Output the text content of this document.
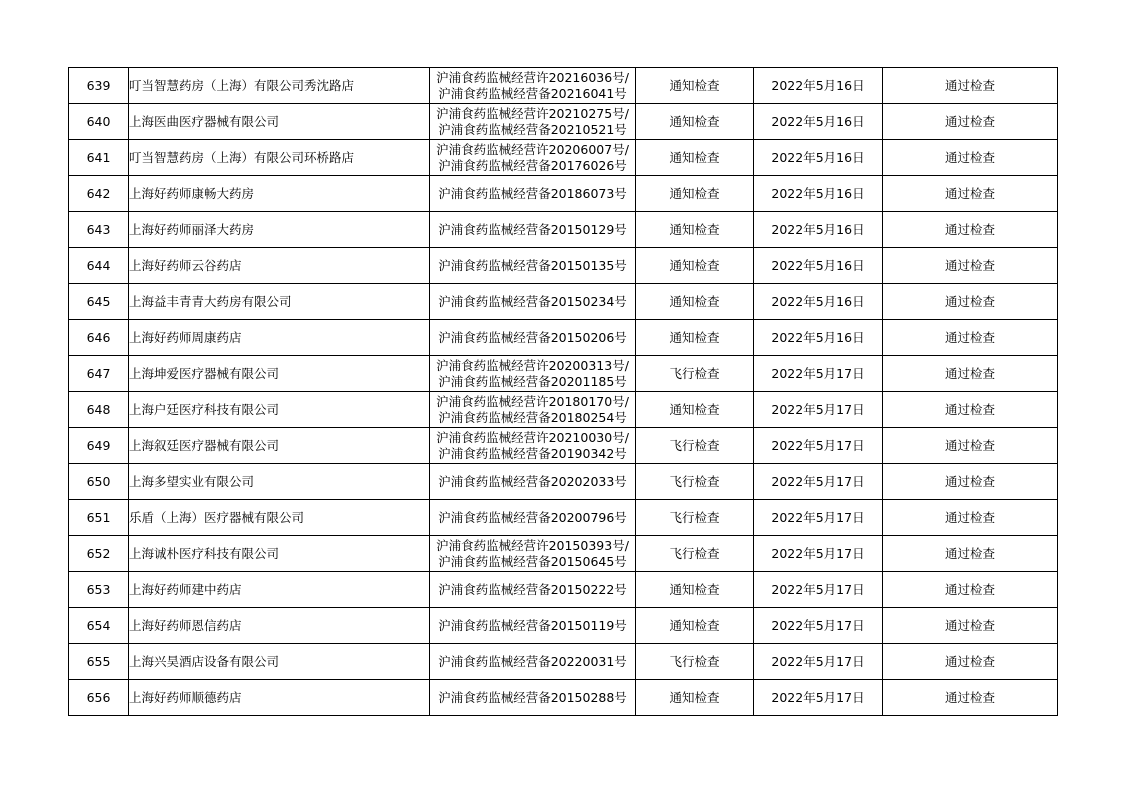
639	叮当智慧药房（上海）有限公司秀沈路店	沪浦食药监械经营许20216036号/
沪浦食药监械经营备20216041号	通知检查	2022年5月16日	通过检查
640	上海医曲医疗器械有限公司	沪浦食药监械经营许20210275号/
沪浦食药监械经营备20210521号	通知检查	2022年5月16日	通过检查
641	叮当智慧药房（上海）有限公司环桥路店	沪浦食药监械经营许20206007号/
沪浦食药监械经营备20176026号	通知检查	2022年5月16日	通过检查
642	上海好药师康畅大药房	沪浦食药监械经营备20186073号	通知检查	2022年5月16日	通过检查
643	上海好药师丽泽大药房	沪浦食药监械经营备20150129号	通知检查	2022年5月16日	通过检查
644	上海好药师云谷药店	沪浦食药监械经营备20150135号	通知检查	2022年5月16日	通过检查
645	上海益丰青青大药房有限公司	沪浦食药监械经营备20150234号	通知检查	2022年5月16日	通过检查
646	上海好药师周康药店	沪浦食药监械经营备20150206号	通知检查	2022年5月16日	通过检查
647	上海坤爱医疗器械有限公司	沪浦食药监械经营许20200313号/
沪浦食药监械经营备20201185号	飞行检查	2022年5月17日	通过检查
648	上海户廷医疗科技有限公司	沪浦食药监械经营许20180170号/
沪浦食药监械经营备20180254号	通知检查	2022年5月17日	通过检查
649	上海叙廷医疗器械有限公司	沪浦食药监械经营许20210030号/
沪浦食药监械经营备20190342号	飞行检查	2022年5月17日	通过检查
650	上海多望实业有限公司	沪浦食药监械经营备20202033号	飞行检查	2022年5月17日	通过检查
651	乐盾（上海）医疗器械有限公司	沪浦食药监械经营备20200796号	飞行检查	2022年5月17日	通过检查
652	上海诚朴医疗科技有限公司	沪浦食药监械经营许20150393号/
沪浦食药监械经营备20150645号	飞行检查	2022年5月17日	通过检查
653	上海好药师建中药店	沪浦食药监械经营备20150222号	通知检查	2022年5月17日	通过检查
654	上海好药师恩信药店	沪浦食药监械经营备20150119号	通知检查	2022年5月17日	通过检查
655	上海兴昊酒店设备有限公司	沪浦食药监械经营备20220031号	飞行检查	2022年5月17日	通过检查
656	上海好药师顺德药店	沪浦食药监械经营备20150288号	通知检查	2022年5月17日	通过检查
